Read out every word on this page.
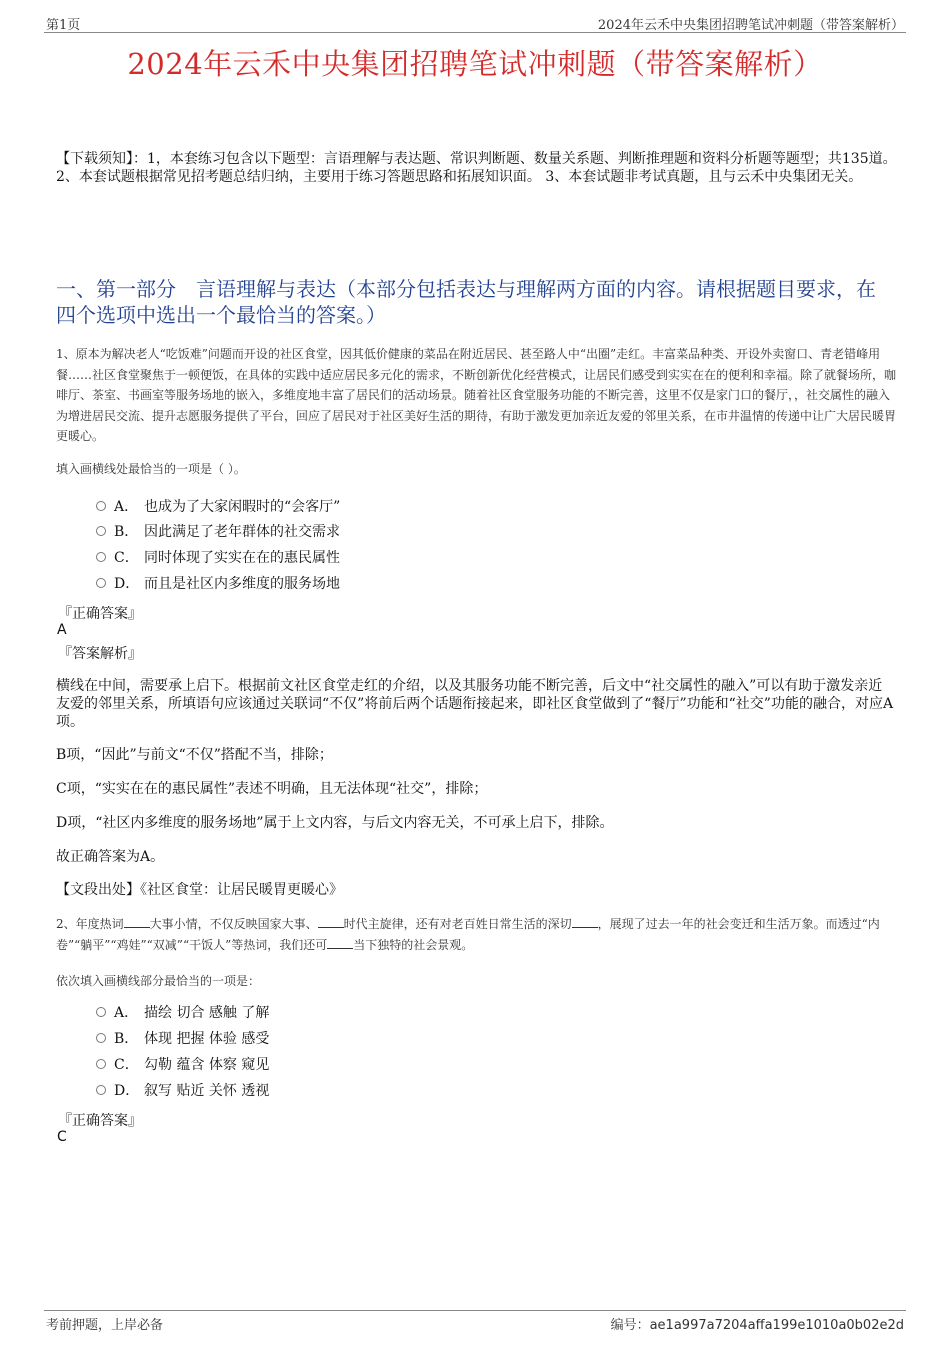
第1页	2024年云禾中央集团招聘笔试冲刺题（带答案解析）
2024年云禾中央集团招聘笔试冲刺题（带答案解析）
【下载须知】：1，本套练习包含以下题型：言语理解与表达题、常识判断题、数量关系题、判断推理题和资料分析题等题型；共135道。 2、本套试题根据常见招考题总结归纳，主要用于练习答题思路和拓展知识面。 3、本套试题非考试真题，且与云禾中央集团无关。
一、第一部分　言语理解与表达（本部分包括表达与理解两方面的内容。请根据题目要求，在四个选项中选出一个最恰当的答案。）
1、原本为解决老人“吃饭难”问题而开设的社区食堂，因其低价健康的菜品在附近居民、甚至路人中“出圈”走红。丰富菜品种类、开设外卖窗口、青老错峰用餐……社区食堂聚焦于一顿便饭，在具体的实践中适应居民多元化的需求，不断创新优化经营模式，让居民们感受到实实在在的便利和幸福。除了就餐场所，咖啡厅、茶室、书画室等服务场地的嵌入，多维度地丰富了居民们的活动场景。随着社区食堂服务功能的不断完善，这里不仅是家门口的餐厅，，社交属性的融入为增进居民交流、提升志愿服务提供了平台，回应了居民对于社区美好生活的期待，有助于激发更加亲近友爱的邻里关系，在市井温情的传递中让广大居民暖胃更暖心。
填入画横线处最恰当的一项是（ ）。
A． 也成为了大家闲暇时的“会客厅”
B． 因此满足了老年群体的社交需求
C． 同时体现了实实在在的惠民属性
D． 而且是社区内多维度的服务场地
『正确答案』
A
『答案解析』
横线在中间，需要承上启下。根据前文社区食堂走红的介绍，以及其服务功能不断完善，后文中“社交属性的融入”可以有助于激发亲近友爱的邻里关系，所填语句应该通过关联词“不仅”将前后两个话题衔接起来，即社区食堂做到了“餐厅”功能和“社交”功能的融合，对应A项。
B项，“因此”与前文“不仅”搭配不当，排除；
C项，“实实在在的惠民属性”表述不明确，且无法体现“社交”，排除；
D项，“社区内多维度的服务场地”属于上文内容，与后文内容无关，不可承上启下，排除。
故正确答案为A。
【文段出处】《社区食堂：让居民暖胃更暖心》
2、年度热词 大事小情，不仅反映国家大事、 时代主旋律，还有对老百姓日常生活的深切 ，展现了过去一年的社会变迁和生活万象。而透过“内卷”“躺平”“鸡娃”“双减”“干饭人”等热词，我们还可 当下独特的社会景观。
依次填入画横线部分最恰当的一项是：
A． 描绘 切合 感触 了解
B． 体现 把握 体验 感受
C． 勾勒 蕴含 体察 窥见
D． 叙写 贴近 关怀 透视
『正确答案』
C
考前押题，上岸必备	编号：ae1a997a7204affa199e1010a0b02e2d
